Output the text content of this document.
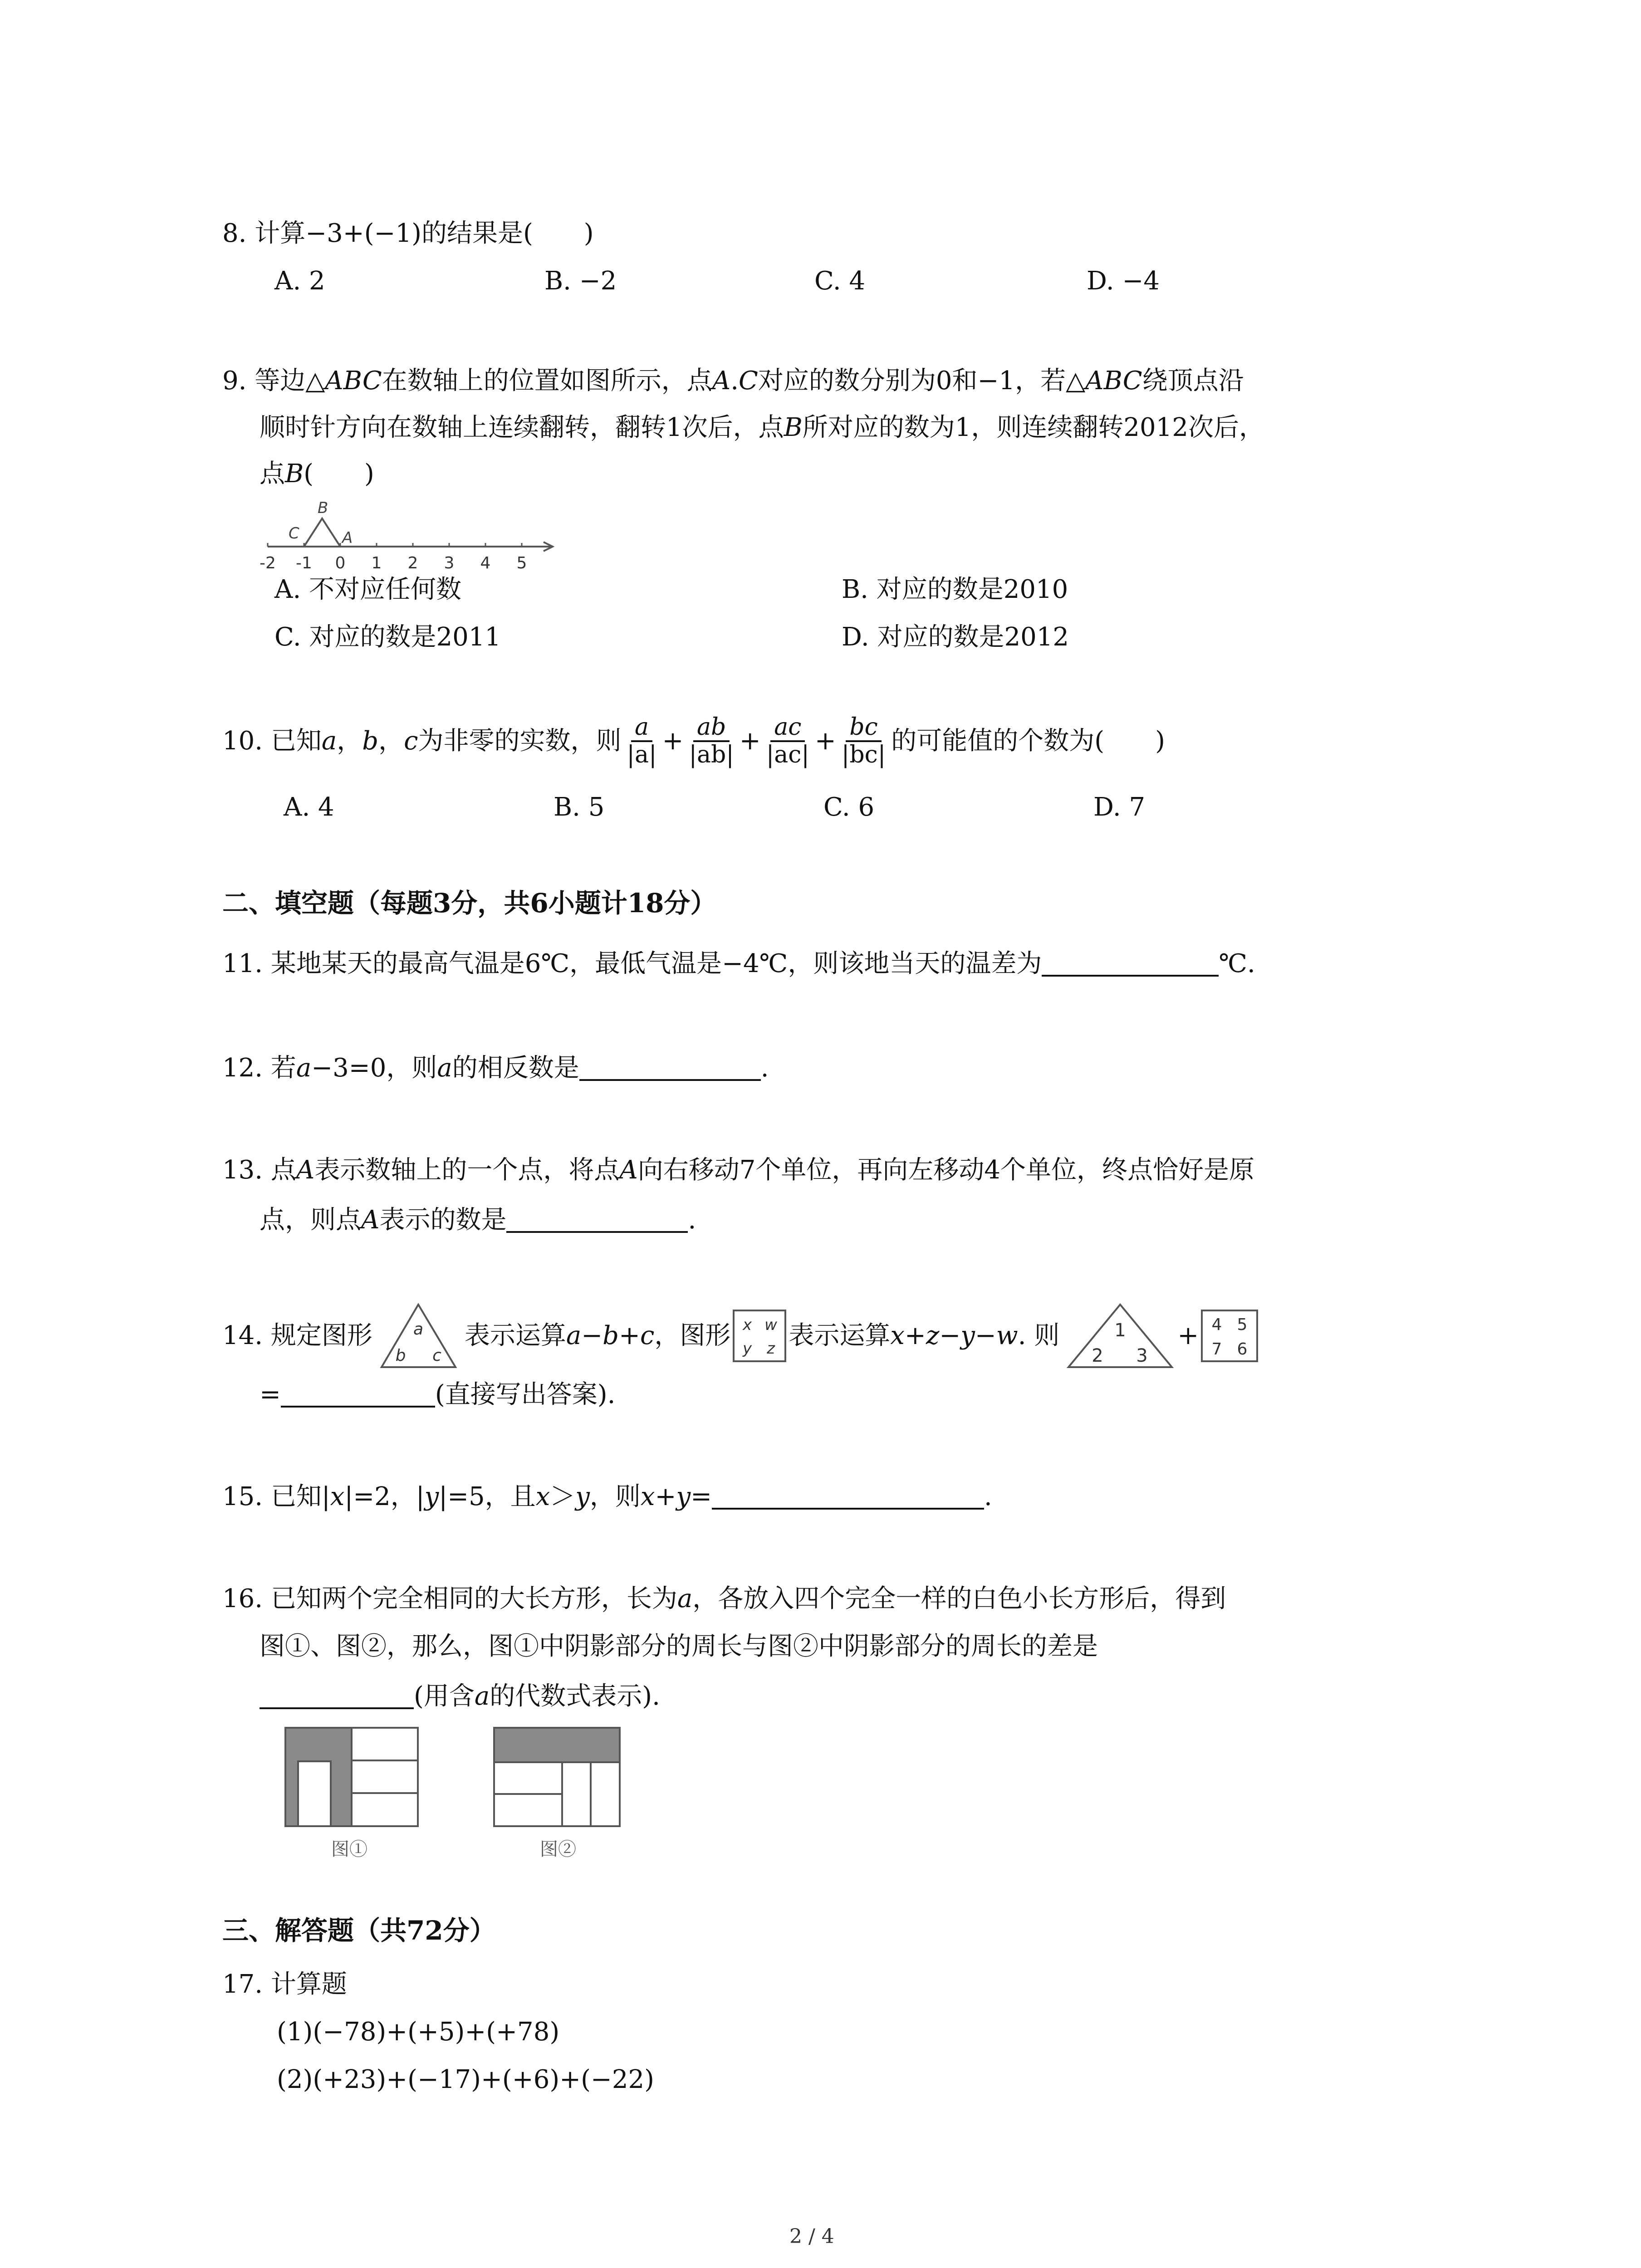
8. 计算−3+(−1)的结果是(　　)
A. 2	B. −2	C. 4	D. −4
9. 等边△ABC在数轴上的位置如图所示，点A.C对应的数分别为0和−1，若△ABC绕顶点沿
顺时针方向在数轴上连续翻转，翻转1次后，点B所对应的数为1，则连续翻转2012次后，
点B(　　)
B
C	A
-2 -1 0 1 2 3 4 5
A. 不对应任何数	B. 对应的数是2010
C. 对应的数是2011	D. 对应的数是2012
10. 已知 a ， b ， c 为非零的实数，则 $\frac{a}{|a|} + \frac{ab}{|ab|} + \frac{ac}{|ac|} + \frac{bc}{|bc|}$ 的可能值的个数为(　　)
A. 4	B. 5	C. 6	D. 7
二、填空题（每题3分，共6小题计18分）
11. 某地某天的最高气温是6℃，最低气温是−4℃，则该地当天的温差为	℃.
12. 若a−3=0，则a的相反数是	.
13. 点A表示数轴上的一个点，将点A向右移动7个单位，再向左移动4个单位，终点恰好是原
点，则点A表示的数是	.
14. 规定图形 a
b c
表示运算 a−b+c ，图形 x w
y z 表示运算 x+z−y−w . 则	1
2 3
+ 4 5
7 6
=	(直接写出答案).
15. 已知|x|=2，|y|=5，且x＞y，则x+y=	.
16. 已知两个完全相同的大长方形，长为a，各放入四个完全一样的白色小长方形后，得到
图①、图②，那么，图①中阴影部分的周长与图②中阴影部分的周长的差是
(用含a的代数式表示).
图①	图②
三、解答题（共72分）
17. 计算题
(1)(−78)+(+5)+(+78)
(2)(+23)+(−17)+(+6)+(−22)
2 / 4
